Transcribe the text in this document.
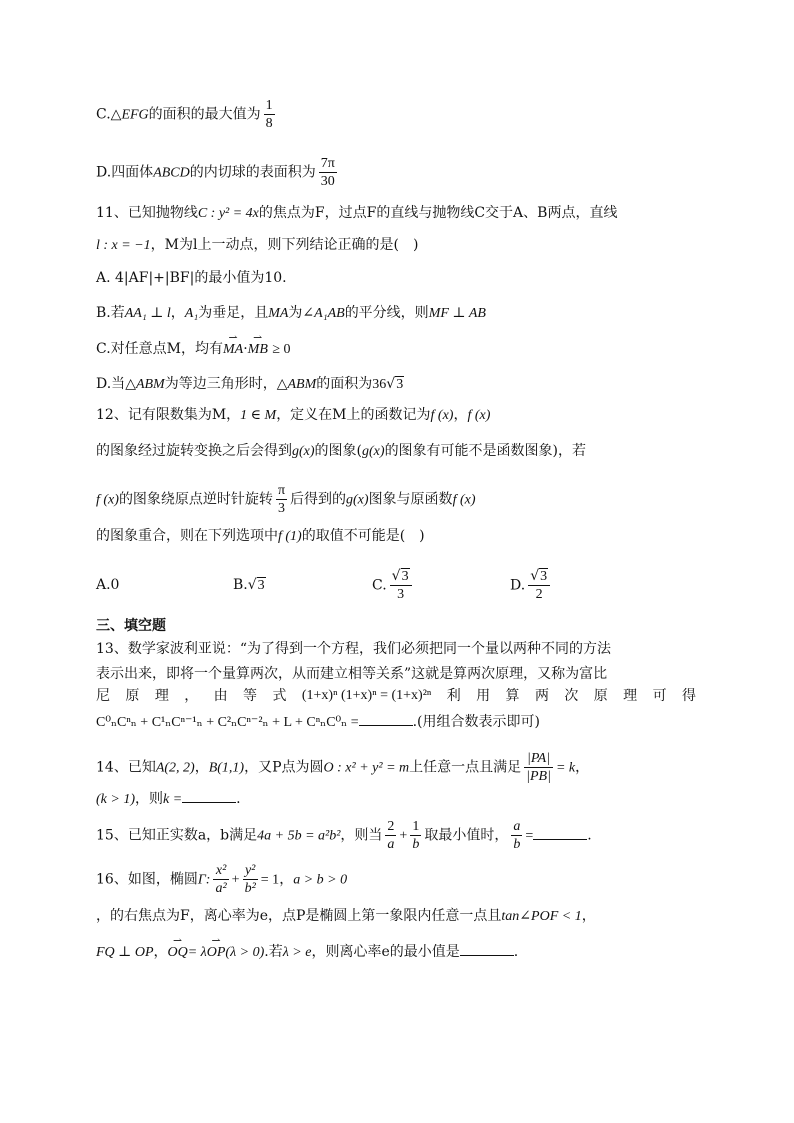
C.△EFG的面积的最大值为 $\frac{1}{8}$
D.四面体ABCD的内切球的表面积为 $\frac{7\pi}{30}$
11、已知抛物线C : y² = 4x的焦点为F，过点F的直线与抛物线C交于A、B两点，直线
l : x = −1，M为l上一动点，则下列结论正确的是(　)
A. 4|AF|+|BF|的最小值为10.
B.若AA₁ ⊥ l，A₁为垂足，且MA为∠A₁AB的平分线，则MF ⊥ AB
C.对任意点M，均有⇀ MA·⇀ MB ≥ 0
D.当△ABM为等边三角形时，△ABM的面积为36√3
12、记有限数集为M，1 ∈ M，定义在M上的函数记为f (x)，f (x)
的图象经过旋转变换之后会得到g(x)的图象(g(x)的图象有可能不是函数图象)，若
f (x)的图象绕原点逆时针旋转 $\frac{\pi}{3}$ 后得到的g(x)图象与原函数f (x)
的图象重合，则在下列选项中f (1)的取值不可能是(　)
A.0	B.√3	C. $\frac{√3}{3}$	D. $\frac{√3}{2}$
三、填空题
13、数学家波利亚说：“为了得到一个方程，我们必须把同一个量以两种不同的方法
表示出来，即将一个量算两次，从而建立相等关系”这就是算两次原理，又称为富比
尼 原 理 ， 由 等 式 (1+x)ⁿ (1+x)ⁿ = (1+x)²ⁿ 利 用 算 两 次 原 理 可 得
C⁰ₙCⁿₙ + C¹ₙCⁿ⁻¹ₙ + C²ₙCⁿ⁻²ₙ + L + CⁿₙC⁰ₙ =	.(用组合数表示即可)
14、已知A(2, 2)，B(1,1)，又P点为圆O : x² + y² = m上任意一点且满足 $\frac{|PA|}{|PB|} = k$，
(k > 1)，则k =	.
15、已知正实数a，b满足4a + 5b = a²b²，则当 $\frac{2}{a} + \frac{1}{b}$ 取最小值时， $\frac{a}{b}$ =	.
16、如图，椭圆Γ: $\frac{\text{x²}}{\text{a²}} + \frac{\text{y²}}{\text{b²}} = 1$，a > b > 0
，的右焦点为F，离心率为e，点P是椭圆上第一象限内任意一点且tan∠POF < 1，
FQ ⊥ OP，⇀ OQ= λ⇀ OP(λ > 0).若λ > e，则离心率e的最小值是	.
